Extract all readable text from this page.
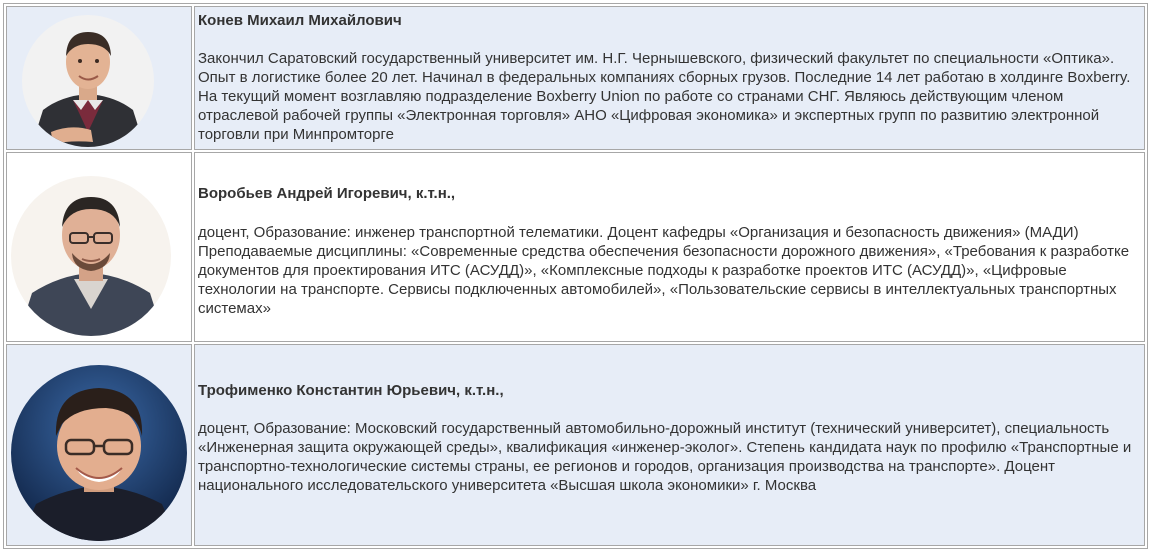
Конев Михаил Михайлович

Закончил Саратовский государственный университет им. Н.Г. Чернышевского, физический факультет по специальности «Оптика». Опыт в логистике более 20 лет. Начинал в федеральных компаниях сборных грузов. Последние 14 лет работаю в холдинге Boxberry. На текущий момент возглавляю подразделение Boxberry Union по работе со странами СНГ. Являюсь действующим членом отраслевой рабочей группы «Электронная торговля» АНО «Цифровая экономика» и экспертных групп по развитию электронной торговли при Минпромторге

Воробьев Андрей Игоревич, к.т.н.,

доцент, Образование: инженер транспортной телематики. Доцент кафедры «Организация и безопасность движения» (МАДИ) Преподаваемые дисциплины: «Современные средства обеспечения безопасности дорожного движения», «Требования к разработке документов для проектирования ИТС (АСУДД)», «Комплексные подходы к разработке проектов ИТС (АСУДД)», «Цифровые технологии на транспорте. Сервисы подключенных автомобилей», «Пользовательские сервисы в интеллектуальных транспортных системах»

Трофименко Константин Юрьевич, к.т.н.,

доцент, Образование: Московский государственный автомобильно-дорожный институт (технический университет), специальность «Инженерная защита окружающей среды», квалификация «инженер-эколог». Степень кандидата наук по профилю «Транспортные и транспортно-технологические системы страны, ее регионов и городов, организация производства на транспорте». Доцент национального исследовательского университета «Высшая школа экономики» г. Москва
